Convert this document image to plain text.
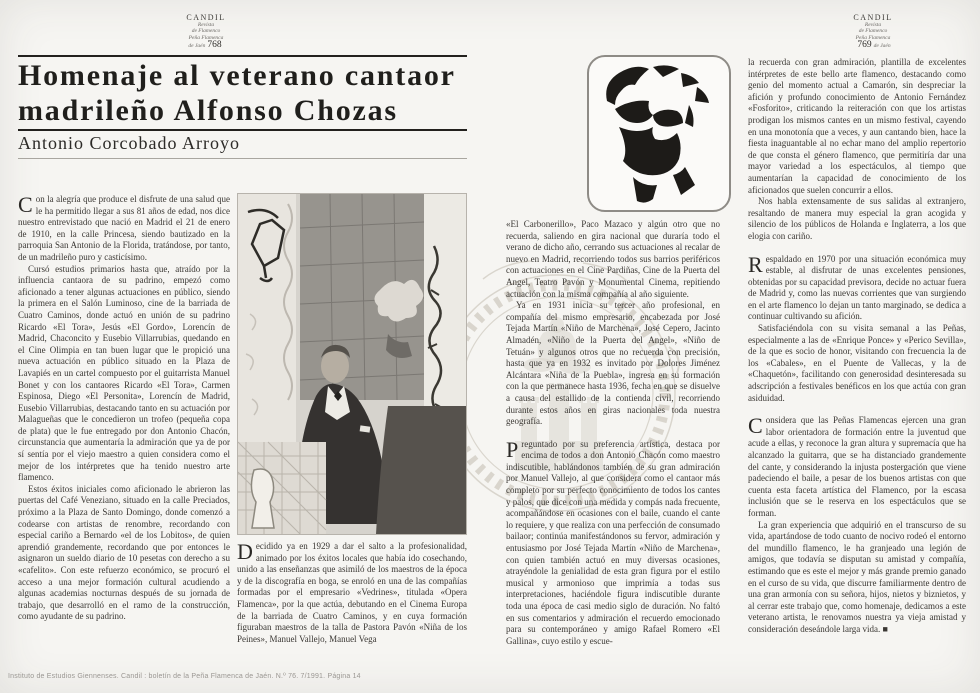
CANDIL
Revista
de Flamenco
Peña Flamenca
de Jaén 768
CANDIL
Revista
de Flamenco
Peña Flamenca
769 de Jaén
Homenaje al veterano cantaor
madrileño Alfonso Chozas
Antonio Corcobado Arroyo

Con la alegría que produce el disfrute de una salud que le ha permitido llegar a sus 81 años de edad, nos dice nuestro entrevistado que nació en Madrid el 21 de enero de 1910, en la calle Princesa, siendo bautizado en la parroquia San Antonio de la Florida, tratándose, por tanto, de un madrileño puro y casticísimo.

Cursó estudios primarios hasta que, atraído por la influencia cantaora de su padrino, empezó como aficionado a tener algunas actuaciones en público, siendo la primera en el Salón Luminoso, cine de la barriada de Cuatro Caminos, donde actuó en unión de su padrino Ricardo «El Tora», Jesús «El Gordo», Lorencín de Madrid, Chaconcito y Eusebio Villarrubias, quedando en el Cine Olimpia en tan buen lugar que le propició una nueva actuación en público situado en la Plaza de Lavapiés en un cartel compuesto por el guitarrista Manuel Bonet y con los cantaores Ricardo «El Tora», Carmen Espinosa, Diego «El Personita», Lorencín de Madrid, Eusebio Villarrubias, destacando tanto en su actuación por Malagueñas que le concedieron un trofeo (pequeña copa de plata) que le fue entregado por don Antonio Chacón, circunstancia que aumentaría la admiración que ya de por sí sentía por el viejo maestro a quien considera como el mejor de los intérpretes que ha tenido nuestro arte flamenco.

Estos éxitos iniciales como aficionado le abrieron las puertas del Café Veneziano, situado en la calle Preciados, próximo a la Plaza de Santo Domingo, donde comenzó a codearse con artistas de renombre, recordando con especial cariño a Bernardo «el de los Lobitos», de quien aprendió grandemente, recordando que por entonces le asignaron un sueldo diario de 10 pesetas con derecho a su «cafelito». Con este refuerzo económico, se procuró el acceso a una mejor formación cultural acudiendo a algunas academias nocturnas después de su jornada de trabajo, que desarrolló en el ramo de la construcción, como ayudante de su padrino.

Decidido ya en 1929 a dar el salto a la profesionalidad, animado por los éxitos locales que había ido cosechando, unido a las enseñanzas que asimiló de los maestros de la época y de la discografía en boga, se enroló en una de las compañías formadas por el empresario «Vedrines», titulada «Opera Flamenca», por la que actúa, debutando en el Cinema Europa de la barriada de Cuatro Caminos, y en cuya formación figuraban maestros de la talla de Pastora Pavón «Niña de los Peines», Manuel Vallejo, Manuel Vega

«El Carbonerillo», Paco Mazaco y algún otro que no recuerda, saliendo en gira nacional que duraría todo el verano de dicho año, cerrando sus actuaciones al recalar de nuevo en Madrid, recorriendo todos sus barrios periféricos con actuaciones en el Cine Pardiñas, Cine de la Puerta del Angel, Teatro Pavón y Monumental Cinema, repitiendo actuación con la misma compañía al año siguiente.

Ya en 1931 inicia su tercer año profesional, en compañía del mismo empresario, encabezada por José Tejada Martín «Niño de Marchena», José Cepero, Jacinto Almadén, «Niño de la Puerta del Angel», «Niño de Tetuán» y algunos otros que no recuerda con precisión, hasta que ya en 1932 es invitado por Dolores Jiménez Alcántara «Niña de la Puebla», ingresa en su formación con la que permanece hasta 1936, fecha en que se disuelve a causa del estallido de la contienda civil, recorriendo durante estos años en giras nacionales toda nuestra geografía.

Preguntado por su preferencia artística, destaca por encima de todos a don Antonio Chacón como maestro indiscutible, hablándonos también de su gran admiración por Manuel Vallejo, al que considera como el cantaor más completo por su perfecto conocimiento de todos los cantes y palos, que dice con una medida y compás nada frecuente, acompañándose en ocasiones con el baile, cuando el cante lo requiere, y que realiza con una perfección de consumado bailaor; continúa manifestándonos su fervor, admiración y entusiasmo por José Tejada Martín «Niño de Marchena», con quien también actuó en muy diversas ocasiones, atrayéndole la genialidad de esta gran figura por el estilo musical y armonioso que imprimía a todas sus interpretaciones, haciéndole figura indiscutible durante toda una época de casi medio siglo de duración. No faltó en sus comentarios y admiración el recuerdo emocionado para su contemporáneo y amigo Rafael Romero «El Gallina», cuyo estilo y escue-

la recuerda con gran admiración, plantilla de excelentes intérpretes de este bello arte flamenco, destacando como genio del momento actual a Camarón, sin despreciar la afición y profundo conocimiento de Antonio Fernández «Fosforito», criticando la reiteración con que los artistas prodigan los mismos cantes en un mismo festival, cayendo en una monotonía que a veces, y aun cantando bien, hace la fiesta inaguantable al no echar mano del amplio repertorio de que consta el género flamenco, que permitiría dar una mayor variedad a los espectáculos, al tiempo que aumentarían la capacidad de conocimiento de los aficionados que suelen concurrir a ellos.

Nos habla extensamente de sus salidas al extranjero, resaltando de manera muy especial la gran acogida y silencio de los públicos de Holanda e Inglaterra, a los que elogia con cariño.

Respaldado en 1970 por una situación económica muy estable, al disfrutar de unas excelentes pensiones, obtenidas por su capacidad previsora, decide no actuar fuera de Madrid y, como las nuevas corrientes que van surgiendo en el arte flamenco lo dejan un tanto marginado, se dedica a continuar cultivando su afición.

Satisfaciéndola con su visita semanal a las Peñas, especialmente a las de «Enrique Ponce» y «Perico Sevilla», de la que es socio de honor, visitando con frecuencia la de los «Cabales», en el Puente de Vallecas, y la de «Chaquetón», facilitando con generosidad desinteresada su adscripción a festivales benéficos en los que actúa con gran asiduidad.

Considera que las Peñas Flamencas ejercen una gran labor orientadora de formación entre la juventud que acude a ellas, y reconoce la gran altura y supremacía que ha alcanzado la guitarra, que se ha distanciado grandemente del cante, y considerando la injusta postergación que viene padeciendo el baile, a pesar de los buenos artistas con que cuenta esta faceta artística del Flamenco, por la escasa inclusión que se le reserva en los espectáculos que se forman.

La gran experiencia que adquirió en el transcurso de su vida, apartándose de todo cuanto de nocivo rodeó el entorno del mundillo flamenco, le ha granjeado una legión de amigos, que todavía se disputan su amistad y compañía, estimando que es este el mejor y más grande premio ganado en el curso de su vida, que discurre familiarmente dentro de una gran armonía con su señora, hijos, nietos y biznietos, y al cerrar este trabajo que, como homenaje, dedicamos a este veterano artista, le renovamos nuestra ya vieja amistad y consideración deseándole larga vida. ■

Instituto de Estudios Giennenses. Candil : boletín de la Peña Flamenca de Jaén. N.º 76. 7/1991. Página 14
